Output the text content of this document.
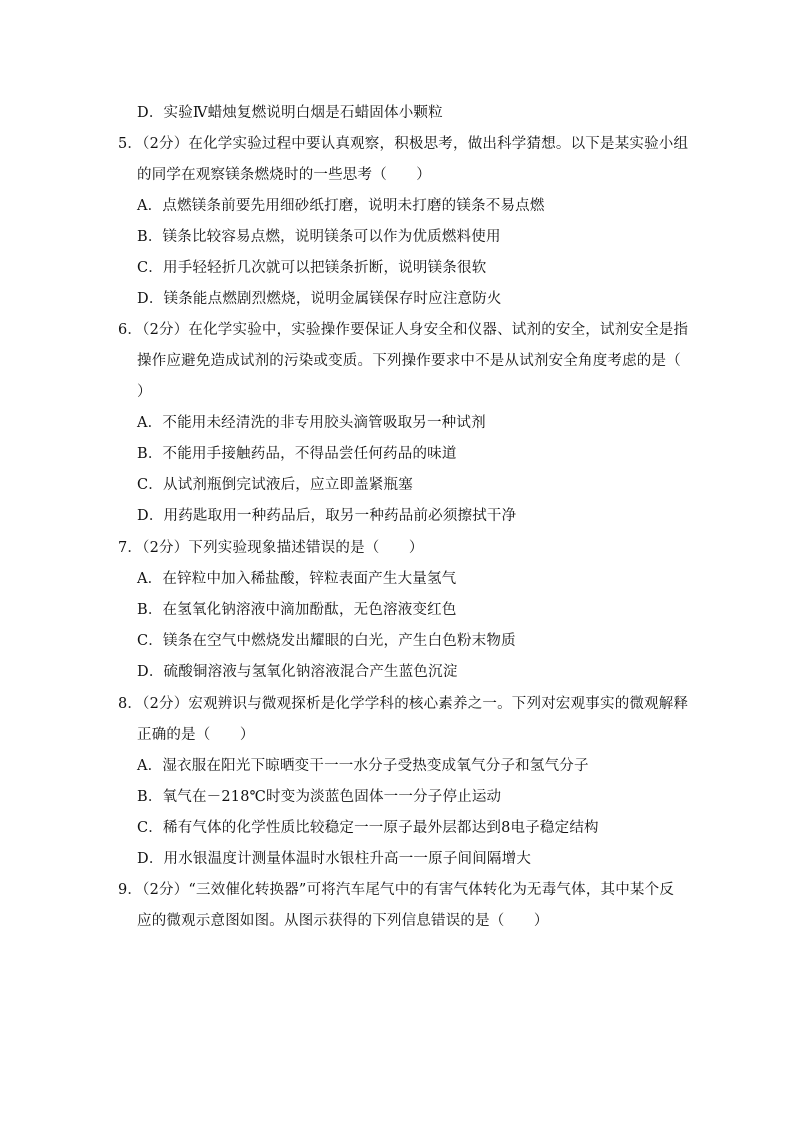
D．实验Ⅳ蜡烛复燃说明白烟是石蜡固体小颗粒
5．（2分）在化学实验过程中要认真观察，积极思考，做出科学猜想。以下是某实验小组
的同学在观察镁条燃烧时的一些思考（　　）
A．点燃镁条前要先用细砂纸打磨，说明未打磨的镁条不易点燃
B．镁条比较容易点燃，说明镁条可以作为优质燃料使用
C．用手轻轻折几次就可以把镁条折断，说明镁条很软
D．镁条能点燃剧烈燃烧，说明金属镁保存时应注意防火
6．（2分）在化学实验中，实验操作要保证人身安全和仪器、试剂的安全，试剂安全是指
操作应避免造成试剂的污染或变质。下列操作要求中不是从试剂安全角度考虑的是（
）
A．不能用未经清洗的非专用胶头滴管吸取另一种试剂
B．不能用手接触药品，不得品尝任何药品的味道
C．从试剂瓶倒完试液后，应立即盖紧瓶塞
D．用药匙取用一种药品后，取另一种药品前必须擦拭干净
7．（2分）下列实验现象描述错误的是（　　）
A．在锌粒中加入稀盐酸，锌粒表面产生大量氢气
B．在氢氧化钠溶液中滴加酚酞，无色溶液变红色
C．镁条在空气中燃烧发出耀眼的白光，产生白色粉末物质
D．硫酸铜溶液与氢氧化钠溶液混合产生蓝色沉淀
8．（2分）宏观辨识与微观探析是化学学科的核心素养之一。下列对宏观事实的微观解释
正确的是（　　）
A．湿衣服在阳光下晾晒变干一一水分子受热变成氧气分子和氢气分子
B．氧气在－218℃时变为淡蓝色固体一一分子停止运动
C．稀有气体的化学性质比较稳定一一原子最外层都达到8电子稳定结构
D．用水银温度计测量体温时水银柱升高一一原子间间隔增大
9．（2分）“三效催化转换器”可将汽车尾气中的有害气体转化为无毒气体，其中某个反
应的微观示意图如图。从图示获得的下列信息错误的是（　　）
